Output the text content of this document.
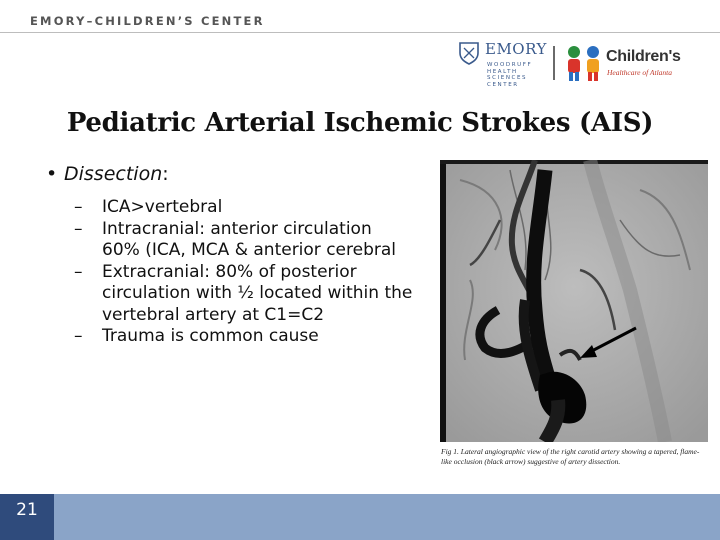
EMORY–CHILDREN’S CENTER
EMORY
WOODRUFF
HEALTH
SCIENCES
CENTER
Children's
Healthcare of Atlanta
Pediatric Arterial Ischemic Strokes (AIS)
• Dissection:
– ICA>vertebral
– Intracranial: anterior circulation 60% (ICA, MCA & anterior cerebral
– Extracranial: 80% of posterior circulation with ½ located within the vertebral artery at C1=C2
– Trauma is common cause
Fig 1. Lateral angiographic view of the right carotid artery showing a tapered, flame-like occlusion (black arrow) suggestive of artery dissection.
21
